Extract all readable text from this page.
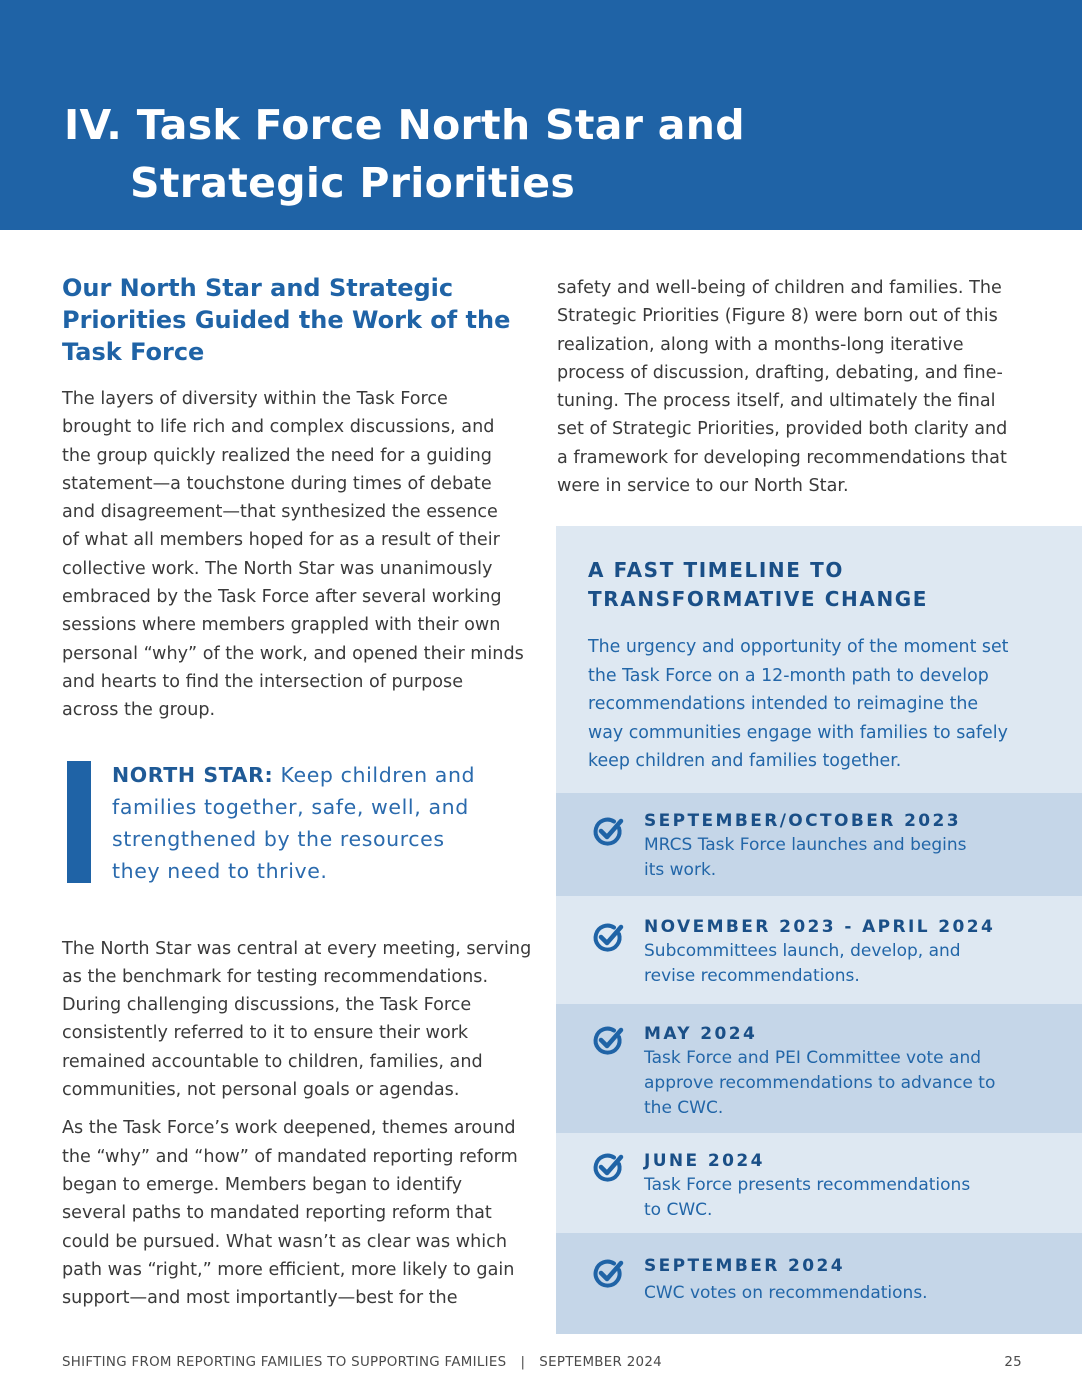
IV. Task Force North Star and
Strategic Priorities
Our North Star and Strategic
Priorities Guided the Work of the
Task Force

The layers of diversity within the Task Force
brought to life rich and complex discussions, and
the group quickly realized the need for a guiding
statement—a touchstone during times of debate
and disagreement—that synthesized the essence
of what all members hoped for as a result of their
collective work. The North Star was unanimously
embraced by the Task Force after several working
sessions where members grappled with their own
personal “why” of the work, and opened their minds
and hearts to find the intersection of purpose
across the group.

NORTH STAR: Keep children and
families together, safe, well, and
strengthened by the resources
they need to thrive.

The North Star was central at every meeting, serving
as the benchmark for testing recommendations.
During challenging discussions, the Task Force
consistently referred to it to ensure their work
remained accountable to children, families, and
communities, not personal goals or agendas.

As the Task Force’s work deepened, themes around
the “why” and “how” of mandated reporting reform
began to emerge. Members began to identify
several paths to mandated reporting reform that
could be pursued. What wasn’t as clear was which
path was “right,” more efficient, more likely to gain
support—and most importantly—best for the

safety and well-being of children and families. The
Strategic Priorities (Figure 8) were born out of this
realization, along with a months-long iterative
process of discussion, drafting, debating, and fine-
tuning. The process itself, and ultimately the final
set of Strategic Priorities, provided both clarity and
a framework for developing recommendations that
were in service to our North Star.

A FAST TIMELINE TO
TRANSFORMATIVE CHANGE

The urgency and opportunity of the moment set
the Task Force on a 12-month path to develop
recommendations intended to reimagine the
way communities engage with families to safely
keep children and families together.

SEPTEMBER/OCTOBER 2023

MRCS Task Force launches and begins
its work.

NOVEMBER 2023 - APRIL 2024

Subcommittees launch, develop, and
revise recommendations.

MAY 2024

Task Force and PEI Committee vote and
approve recommendations to advance to
the CWC.

JUNE 2024

Task Force presents recommendations
to CWC.

SEPTEMBER 2024

CWC votes on recommendations.

SHIFTING FROM REPORTING FAMILIES TO SUPPORTING FAMILIES | SEPTEMBER 2024	25
